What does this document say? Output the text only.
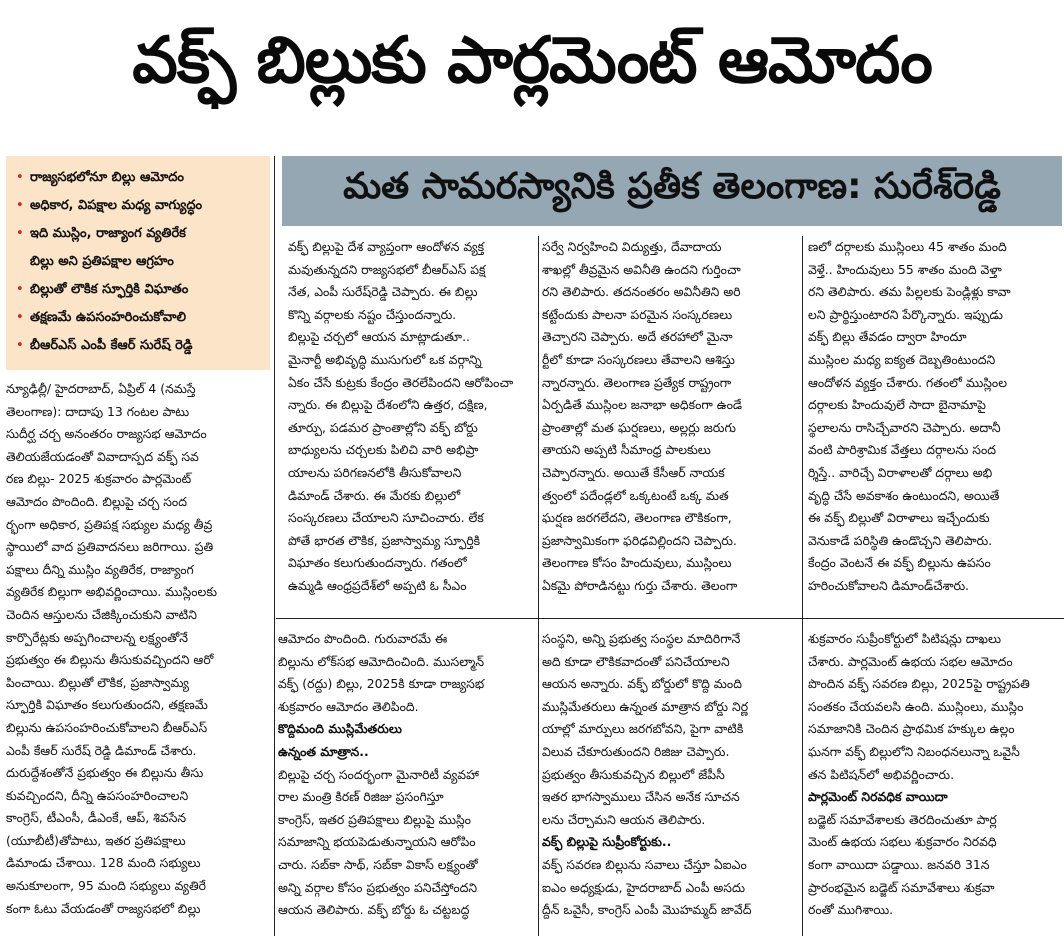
వక్ఫ్ బిల్లుకు పార్లమెంట్ ఆమోదం
• రాజ్యసభలోనూ బిల్లు ఆమోదం
• అధికార, విపక్షాల మధ్య వాగ్యుద్ధం
• ఇది ముస్లిం, రాజ్యాంగ వ్యతిరేక
బిల్లు అని ప్రతిపక్షాల ఆగ్రహం
• బిల్లుతో లౌకిక స్ఫూర్తికి విఘాతం
• తక్షణమే ఉపసంహరించుకోవాలి
• బీఆర్ఎస్ ఎంపీ కేఆర్ సురేష్ రెడ్డి
మత సామరస్యానికి ప్రతీక తెలంగాణ: సురేశ్‌రెడ్డి
న్యూఢిల్లీ/ హైదరాబాద్, ఏప్రిల్ 4 (నమస్తే
తెలంగాణ): దాదాపు 13 గంటల పాటు
సుదీర్ఘ చర్చ అనంతరం రాజ్యసభ ఆమోదం
తెలియజేయడంతో వివాదాస్పద వక్ఫ్ సవ
రణ బిల్లు- 2025 శుక్రవారం పార్లమెంట్
ఆమోదం పొందింది. బిల్లుపై చర్చ సంద
ర్భంగా అధికార, ప్రతిపక్ష సభ్యుల మధ్య తీవ్ర
స్థాయిలో వాద ప్రతివాదనలు జరిగాయి. ప్రతి
పక్షాలు దీన్ని ముస్లిం వ్యతిరేక, రాజ్యాంగ
వ్యతిరేక బిల్లుగా అభివర్ణించాయి. ముస్లింలకు
చెందిన ఆస్తులను చేజిక్కించుకుని వాటిని
కార్పొరేట్లకు అప్పగించాలన్న లక్ష్యంతోనే
ప్రభుత్వం ఈ బిల్లును తీసుకువచ్చిందని ఆరో
పించాయి. బిల్లుతో లౌకిక, ప్రజాస్వామ్య
స్ఫూర్తికి విఘాతం కలుగుతుందని, తక్షణమే
బిల్లును ఉపసంహరించుకోవాలని బీఆర్ఎస్
ఎంపీ కేఆర్ సురేష్ రెడ్డి డిమాండ్ చేశారు.
దురుద్దేశంతోనే ప్రభుత్వం ఈ బిల్లును తీసు
కువచ్చిందని, దీన్ని ఉపసంహరించాలని
కాంగ్రెస్, టీఎంసీ, డీఎంకే, ఆప్, శివసేన
(యూబీటీ)తోపాటు, ఇతర ప్రతిపక్షాలు
డిమాండు చేశాయి. 128 మంది సభ్యులు
అనుకూలంగా, 95 మంది సభ్యులు వ్యతిరే
కంగా ఓటు వేయడంతో రాజ్యసభలో బిల్లు
వక్ఫ్ బిల్లుపై దేశ వ్యాప్తంగా ఆందోళన వ్యక్త
మవుతున్నదని రాజ్యసభలో బీఆర్ఎస్ పక్ష
నేత, ఎంపీ సురేష్‌రెడ్డి చెప్పారు. ఈ బిల్లు
కొన్ని వర్గాలకు నష్టం చేస్తుందన్నారు.
బిల్లుపై చర్చలో ఆయన మాట్లాడుతూ..
మైనార్టీ అభివృద్ధి ముసుగులో ఒక వర్గాన్ని
ఏకం చేసే కుట్రకు కేంద్రం తెరలేపిందని ఆరోపించా
న్నారు. ఈ బిల్లుపై దేశంలోని ఉత్తర, దక్షిణ,
తూర్పు, పడమర ప్రాంతాల్లోని వక్ఫ్ బోర్డు
బాధ్యులను చర్చలకు పిలిచి వారి అభిప్రా
యాలను పరిగణనలోకి తీసుకోవాలని
డిమాండ్ చేశారు. ఈ మేరకు బిల్లులో
సంస్కరణలు చేయాలని సూచించారు. లేక
పోతే భారత లౌకిక, ప్రజాస్వామ్య స్ఫూర్తికి
విఘాతం కలుగుతుందన్నారు. గతంలో
ఉమ్మడి ఆంధ్రప్రదేశ్‌లో అప్పటి ఓ సీఎం
సర్వే నిర్వహించి విద్యుత్తు, దేవాదాయ
శాఖల్లో తీవ్రమైన అవినీతి ఉందని గుర్తించా
రని తెలిపారు. తదనంతరం అవినీతిని అరి
కట్టేందుకు పాలనా పరమైన సంస్కరణలు
తెచ్చారని చెప్పారు. అదే తరహాలో మైనా
ర్టీలో కూడా సంస్కరణలు తేవాలని ఆశిస్తు
న్నారన్నారు. తెలంగాణ ప్రత్యేక రాష్ట్రంగా
ఏర్పడితే ముస్లింల జనాభా అధికంగా ఉండే
ప్రాంతాల్లో మత ఘర్షణలు, అల్లర్లు జరుగు
తాయని అప్పటి సీమాంధ్ర పాలకులు
చెప్పారన్నారు. అయితే కేసీఆర్ నాయక
త్వంలో పదేండ్లలో ఒక్కటంటే ఒక్క మత
ఘర్షణ జరగలేదని, తెలంగాణ లౌకికంగా,
ప్రజాస్వామికంగా ఫరిఢవిల్లిందని చెప్పారు.
తెలంగాణ కోసం హిందువులు, ముస్లింలు
ఏకమై పోరాడినట్టు గుర్తు చేశారు. తెలంగా
ణలో దర్గాలకు ముస్లింలు 45 శాతం మంది
వెళ్తే.. హిందువులు 55 శాతం మంది వెళ్తా
రని తెలిపారు. తమ పిల్లలకు పెండ్లిళ్లు కావా
లని ప్రార్థిస్తుంటారని పేర్కొన్నారు. ఇప్పుడు
వక్ఫ్ బిల్లు తేవడం ద్వారా హిందూ
ముస్లింల మధ్య ఐక్యత దెబ్బతింటుందని
ఆందోళన వ్యక్తం చేశారు. గతంలో ముస్లింల
దర్గాలకు హిందువులే సాదా బైనామాపై
స్థలాలను రాసిచ్చేవారని చెప్పారు. అదానీ
వంటి పారిశ్రామిక వేత్తలు దర్గాలను సంద
ర్శిస్తే.. వారిచ్చే విరాళాలతో దర్గాలు అభి
వృద్ధి చేసే అవకాశం ఉంటుందని, అయితే
ఈ వక్ఫ్ బిల్లుతో విరాళాలు ఇచ్చేందుకు
వెనుకాడే పరిస్థితి ఉండొచ్చని తెలిపారు.
కేంద్రం వెంటనే ఈ వక్ఫ్ బిల్లును ఉపసం
హరించుకోవాలని డిమాండ్‌చేశారు.
ఆమోదం పొందింది. గురువారమే ఈ
బిల్లును లోక్‌సభ ఆమోదించింది. ముసల్మాన్
వక్ఫ్ (రద్దు) బిల్లు, 2025కి కూడా రాజ్యసభ
శుక్రవారం ఆమోదం తెలిపింది.
కొద్దిమంది ముస్లిమేతరులు
ఉన్నంత మాత్రాన..
బిల్లుపై చర్చ సందర్భంగా మైనారిటీ వ్యవహా
రాల మంత్రి కిరణ్ రిజిజు ప్రసంగిస్తూ
కాంగ్రెస్, ఇతర ప్రతిపక్షాలు బిల్లుపై ముస్లిం
సమాజాన్ని భయపెడుతున్నాయని ఆరోపిం
చారు. సబ్‌కా సాథ్, సబ్‌కా వికాస్ లక్ష్యంతో
అన్ని వర్గాల కోసం ప్రభుత్వం పనిచేస్తోందని
ఆయన తెలిపారు. వక్ఫ్ బోర్డు ఓ చట్టబద్ధ
సంస్థని, అన్ని ప్రభుత్వ సంస్థల మాదిరిగానే
అది కూడా లౌకికవాదంతో పనిచేయాలని
ఆయన అన్నారు. వక్ఫ్ బోర్డులో కొద్ది మంది
ముస్లిమేతరులు ఉన్నంత మాత్రాన బోర్డు నిర్ణ
యాల్లో మార్పులు జరగబోవని, పైగా వాటికి
విలువ చేకూరుతుందని రిజిజు చెప్పారు.
ప్రభుత్వం తీసుకువచ్చిన బిల్లులో జేపీసీ
ఇతర భాగస్వాములు చేసిన అనేక సూచన
లను చేర్చామని ఆయన తెలిపారు.
వక్ఫ్ బిల్లుపై సుప్రీంకోర్టుకు..
వక్ఫ్ సవరణ బిల్లును సవాలు చేస్తూ ఏఐఎం
ఐఎం అధ్యక్షుడు, హైదరాబాద్ ఎంపీ అసదు
ద్దీన్ ఒవైసీ, కాంగ్రెస్ ఎంపీ మొహమ్మద్ జావేద్
శుక్రవారం సుప్రీంకోర్టులో పిటిషన్లు దాఖలు
చేశారు. పార్లమెంట్ ఉభయ సభల ఆమోదం
పొందిన వక్ఫ్ సవరణ బిల్లు, 2025పై రాష్ట్రపతి
సంతకం చేయవలసి ఉంది. ముస్లింలు, ముస్లిం
సమాజానికి చెందిన ప్రాథమిక హక్కుల ఉల్లం
ఘనగా వక్ఫ్ బిల్లులోని నిబంధనలున్నా ఒవైసీ
తన పిటిషన్‌లో అభివర్ణించారు.
పార్లమెంట్ నిరవధిక వాయిదా
బడ్జెట్ సమావేశాలకు తెరదించుతూ పార్ల
మెంట్ ఉభయ సభలు శుక్రవారం నిరవధి
కంగా వాయిదా పడ్డాయి. జనవరి 31న
ప్రారంభమైన బడ్జెట్ సమావేశాలు శుక్రవా
రంతో ముగిశాయి.
